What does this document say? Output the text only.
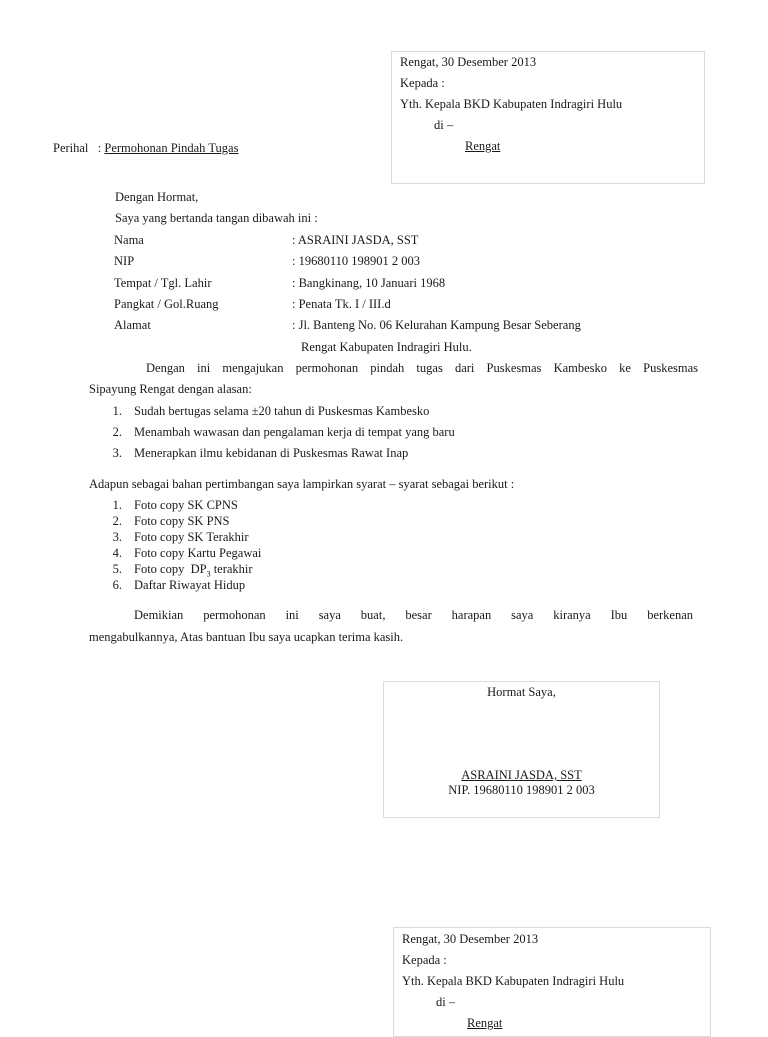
Rengat, 30 Desember 2013
Kepada :
Yth. Kepala BKD Kabupaten Indragiri Hulu
di –
Rengat
Perihal   : Permohonan Pindah Tugas
Dengan Hormat,
Saya yang bertanda tangan dibawah ini :
Nama	: ASRAINI JASDA, SST
NIP	: 19680110 198901 2 003
Tempat / Tgl. Lahir	: Bangkinang, 10 Januari 1968
Pangkat / Gol.Ruang	: Penata Tk. I / III.d
Alamat	: Jl. Banteng No. 06 Kelurahan Kampung Besar Seberang
Rengat Kabupaten Indragiri Hulu.
Dengan ini mengajukan permohonan pindah tugas dari Puskesmas Kambesko ke Puskesmas
Sipayung Rengat dengan alasan:
1. Sudah bertugas selama ±20 tahun di Puskesmas Kambesko
2. Menambah wawasan dan pengalaman kerja di tempat yang baru
3. Menerapkan ilmu kebidanan di Puskesmas Rawat Inap
Adapun sebagai bahan pertimbangan saya lampirkan syarat – syarat sebagai berikut :
1. Foto copy SK CPNS
2. Foto copy SK PNS
3. Foto copy SK Terakhir
4. Foto copy Kartu Pegawai
5. Foto copy  $DP_3$ terakhir
6. Daftar Riwayat Hidup
Demikian permohonan ini saya buat, besar harapan saya kiranya Ibu berkenan
mengabulkannya, Atas bantuan Ibu saya ucapkan terima kasih.
Hormat Saya,
ASRAINI JASDA, SST
NIP. 19680110 198901 2 003
Rengat, 30 Desember 2013
Kepada :
Yth. Kepala BKD Kabupaten Indragiri Hulu
di –
Rengat
